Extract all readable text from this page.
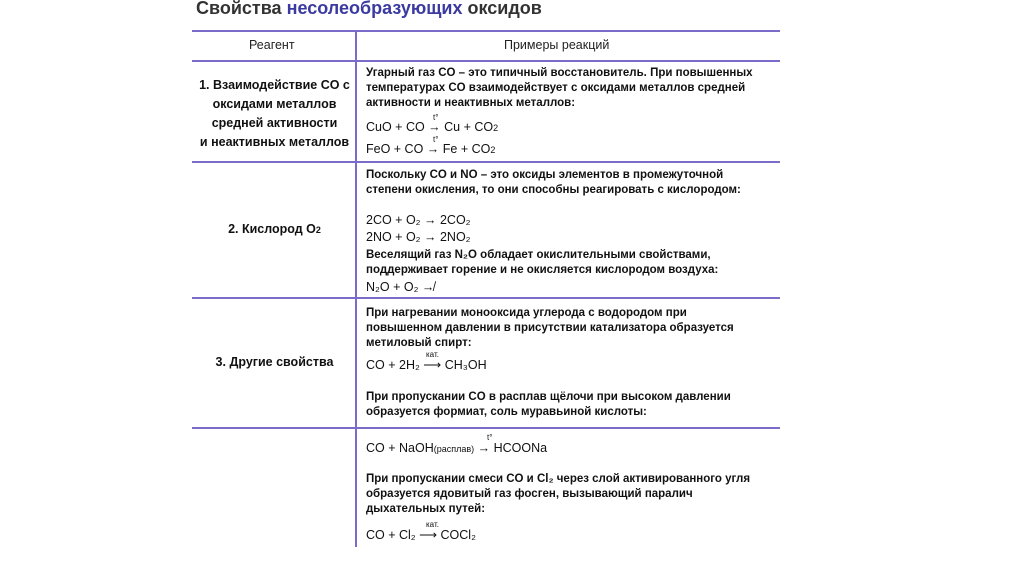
Свойства несолеобразующих оксидов
Реагент	Примеры реакций
1. Взаимодействие CO с
оксидами металлов
средней активности
и неактивных металлов
Угарный газ CO – это типичный восстановитель. При повышенных
температурах CO взаимодействует с оксидами металлов средней
активности и неактивных металлов:
CuO + CO → Cu + CO2
t°
FeO + CO → Fe + CO2
t°
2. Кислород O2
Поскольку CO и NO – это оксиды элементов в промежуточной
степени окисления, то они способны реагировать с кислородом:
2CO + O₂ → 2CO₂
2NO + O₂ → 2NO₂
Веселящий газ N₂O обладает окислительными свойствами,
поддерживает горение и не окисляется кислородом воздуха:
N₂O + O₂ ↛
3. Другие свойства
При нагревании монооксида углерода с водородом при
повышенном давлении в присутствии катализатора образуется
метиловый спирт:
CO + 2H₂ ⟶ CH₃OH
кат.
При пропускании CO в расплав щёлочи при высоком давлении
образуется формиат, соль муравьиной кислоты:
CO + NaOH(расплав) → HCOONa
t°
При пропускании смеси CO и Cl₂ через слой активированного угля
образуется ядовитый газ фосген, вызывающий паралич
дыхательных путей:
CO + Cl₂ ⟶ COCl₂
кат.
